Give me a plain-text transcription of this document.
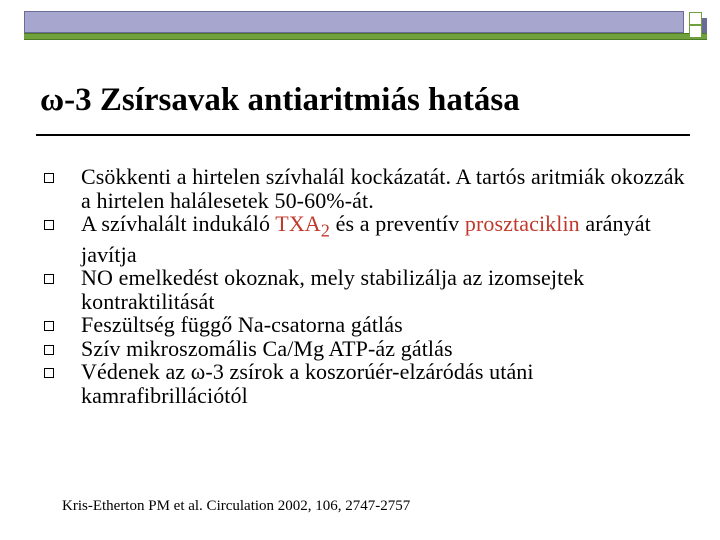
ω-3 Zsírsavak antiaritmiás hatása
Csökkenti a hirtelen szívhalál kockázatát. A tartós aritmiák okozzák a hirtelen halálesetek 50-60%-át.
A szívhalált indukáló $TXA_2$ és a preventív prosztaciklin arányát javítja
NO emelkedést okoznak, mely stabilizálja az izomsejtek kontraktilitását
Feszültség függő Na-csatorna gátlás
Szív mikroszomális Ca/Mg ATP-áz gátlás
Védenek az ω-3 zsírok a koszorúér-elzáródás utáni kamrafibrillációtól

Kris-Etherton PM et al. Circulation 2002, 106, 2747-2757
